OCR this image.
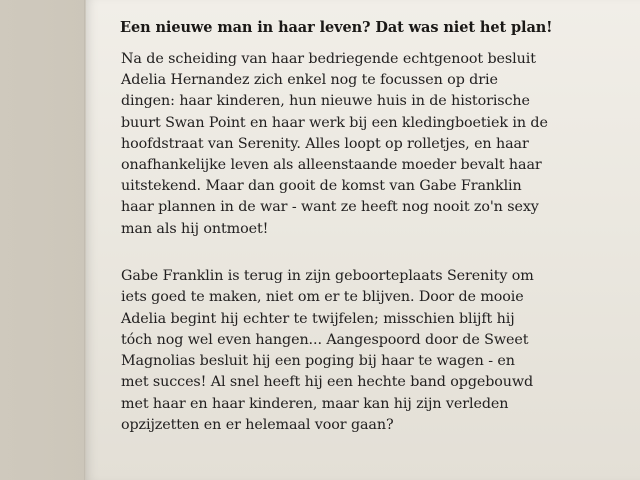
Een nieuwe man in haar leven? Dat was niet het plan!

Na de scheiding van haar bedriegende echtgenoot besluit
Adelia Hernandez zich enkel nog te focussen op drie
dingen: haar kinderen, hun nieuwe huis in de historische
buurt Swan Point en haar werk bij een kledingboetiek in de
hoofdstraat van Serenity. Alles loopt op rolletjes, en haar
onafhankelijke leven als alleenstaande moeder bevalt haar
uitstekend. Maar dan gooit de komst van Gabe Franklin
haar plannen in de war - want ze heeft nog nooit zo'n sexy
man als hij ontmoet!

Gabe Franklin is terug in zijn geboorteplaats Serenity om
iets goed te maken, niet om er te blijven. Door de mooie
Adelia begint hij echter te twijfelen; misschien blijft hij
tóch nog wel even hangen... Aangespoord door de Sweet
Magnolias besluit hij een poging bij haar te wagen - en
met succes! Al snel heeft hij een hechte band opgebouwd
met haar en haar kinderen, maar kan hij zijn verleden
opzijzetten en er helemaal voor gaan?
